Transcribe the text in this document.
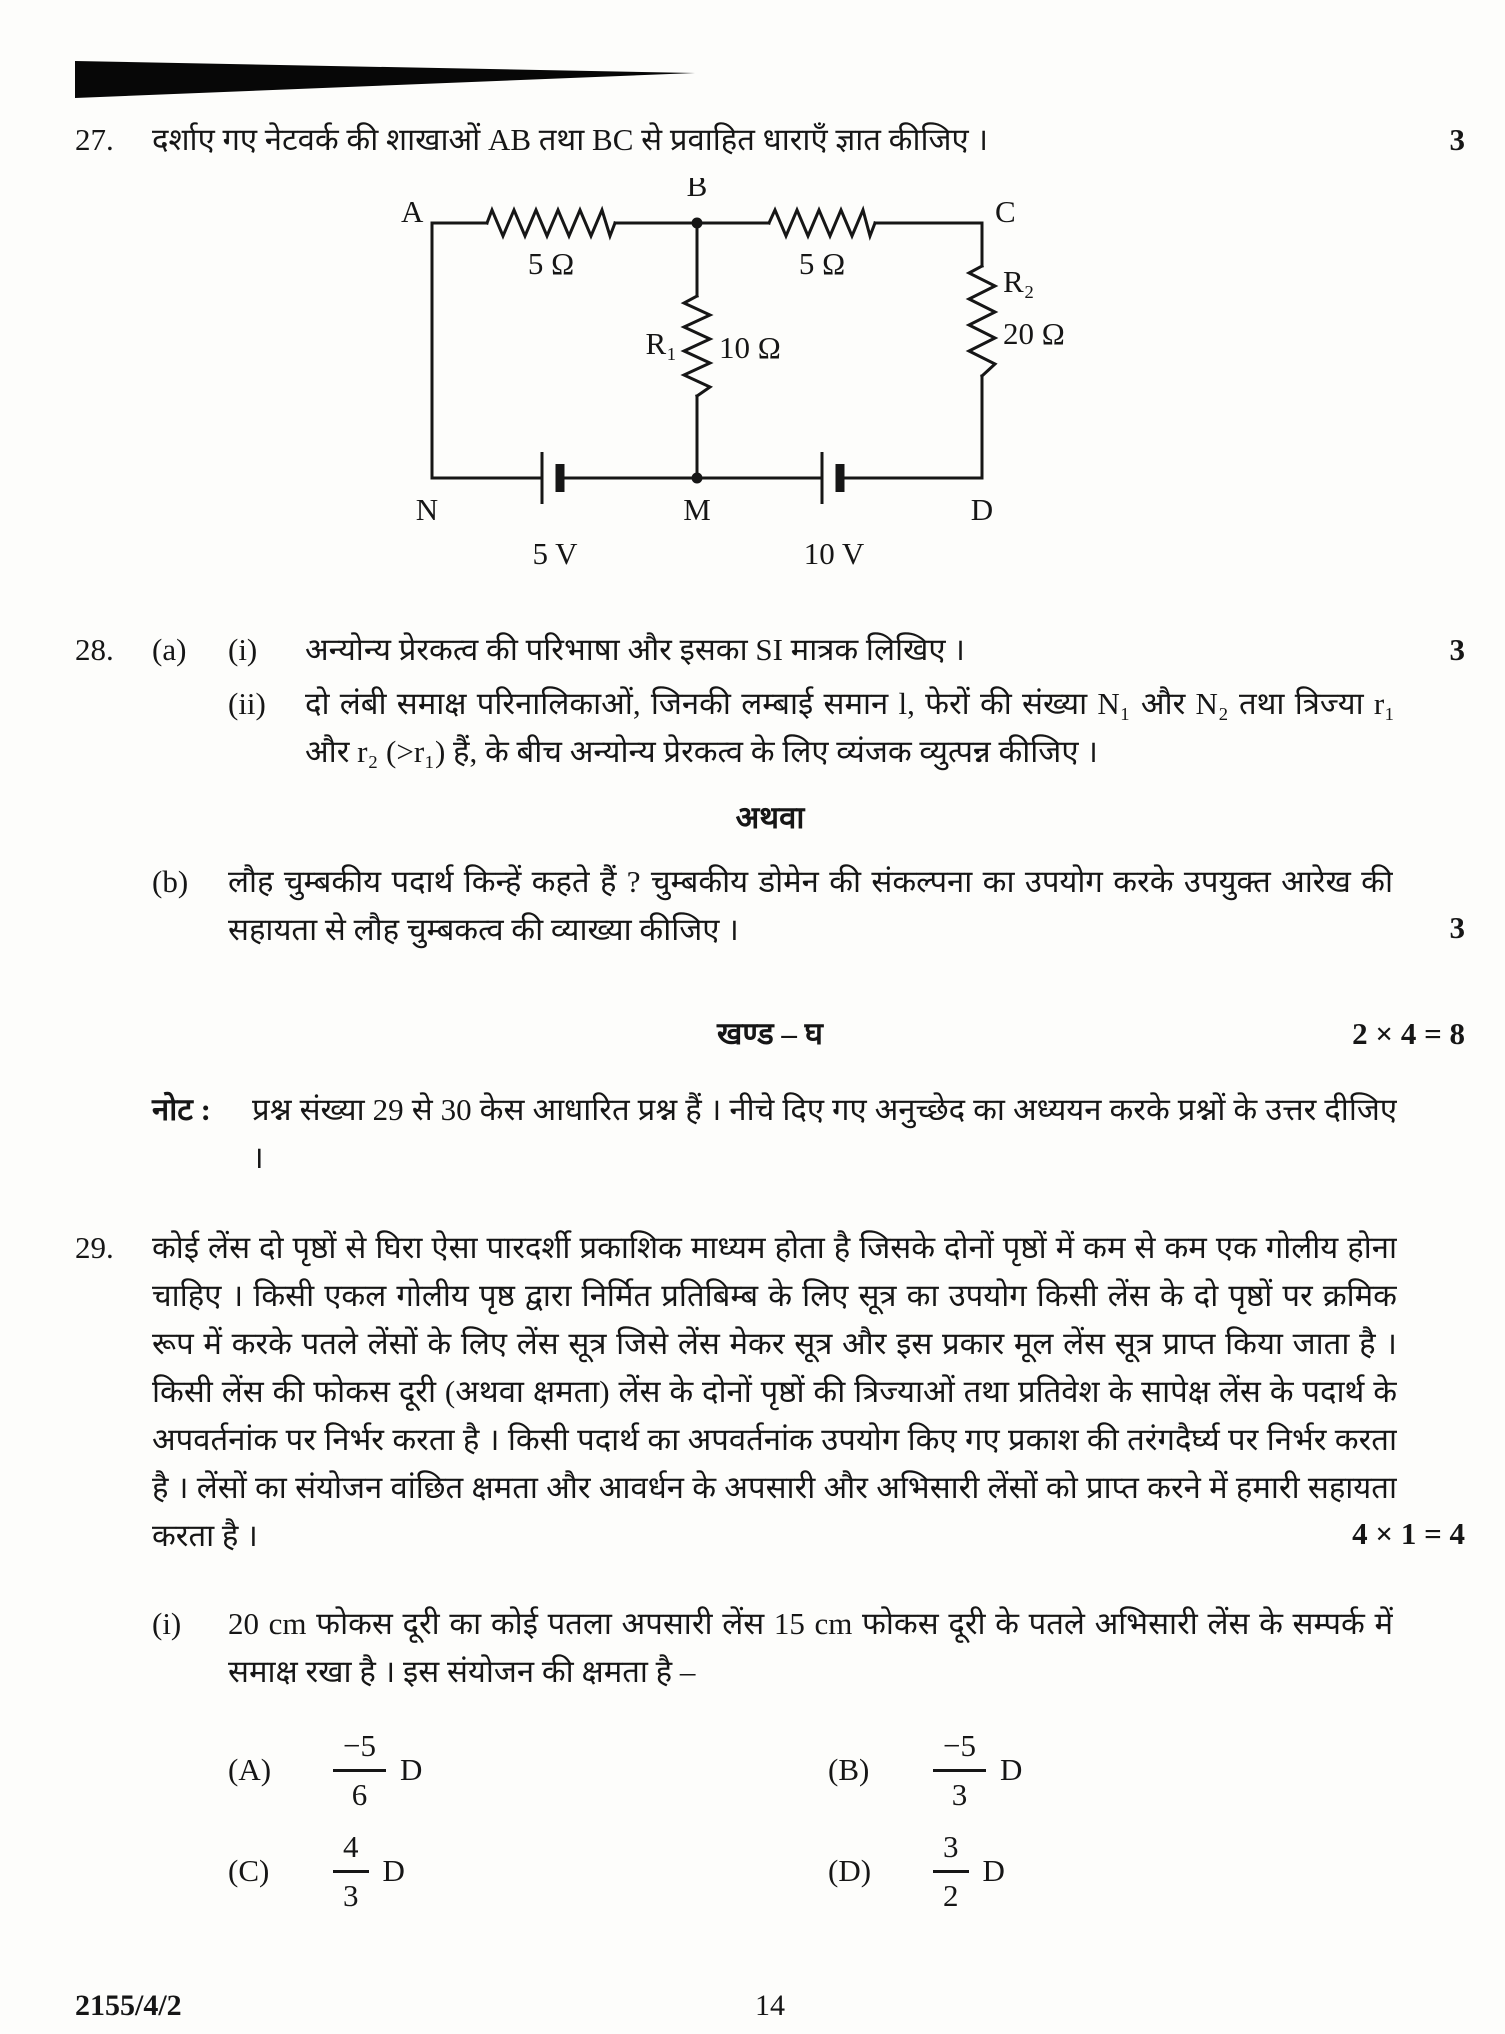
27.	दर्शाए गए नेटवर्क की शाखाओं AB तथा BC से प्रवाहित धाराएँ ज्ञात कीजिए ।	3
A
B
C
5 Ω	5 Ω
R₁ 10 Ω
R₂
20 Ω
N	M	D
5 V	10 V
28.	(a)	(i)	अन्योन्य प्रेरकत्व की परिभाषा और इसका SI मात्रक लिखिए ।	3
(ii)	दो लंबी समाक्ष परिनालिकाओं, जिनकी लम्बाई समान l, फेरों की संख्या N₁ और N₂ तथा त्रिज्या r₁ और r₂ (>r₁) हैं, के बीच अन्योन्य प्रेरकत्व के लिए व्यंजक व्युत्पन्न कीजिए ।
अथवा
(b)	लौह चुम्बकीय पदार्थ किन्हें कहते हैं ? चुम्बकीय डोमेन की संकल्पना का उपयोग करके उपयुक्त आरेख की सहायता से लौह चुम्बकत्व की व्याख्या कीजिए ।	3
खण्ड – घ	2 × 4 = 8
नोट :	प्रश्न संख्या 29 से 30 केस आधारित प्रश्न हैं । नीचे दिए गए अनुच्छेद का अध्ययन करके प्रश्नों के उत्तर दीजिए ।
29.	कोई लेंस दो पृष्ठों से घिरा ऐसा पारदर्शी प्रकाशिक माध्यम होता है जिसके दोनों पृष्ठों में कम से कम एक गोलीय होना चाहिए । किसी एकल गोलीय पृष्ठ द्वारा निर्मित प्रतिबिम्ब के लिए सूत्र का उपयोग किसी लेंस के दो पृष्ठों पर क्रमिक रूप में करके पतले लेंसों के लिए लेंस सूत्र जिसे लेंस मेकर सूत्र और इस प्रकार मूल लेंस सूत्र प्राप्त किया जाता है । किसी लेंस की फोकस दूरी (अथवा क्षमता) लेंस के दोनों पृष्ठों की त्रिज्याओं तथा प्रतिवेश के सापेक्ष लेंस के पदार्थ के अपवर्तनांक पर निर्भर करता है । किसी पदार्थ का अपवर्तनांक उपयोग किए गए प्रकाश की तरंगदैर्घ्य पर निर्भर करता है । लेंसों का संयोजन वांछित क्षमता और आवर्धन के अपसारी और अभिसारी लेंसों को प्राप्त करने में हमारी सहायता करता है ।	4 × 1 = 4
(i)	20 cm फोकस दूरी का कोई पतला अपसारी लेंस 15 cm फोकस दूरी के पतले अभिसारी लेंस के सम्पर्क में समाक्ष रखा है । इस संयोजन की क्षमता है –
(A)	$\frac{-5}{6}$ D	(B)	$\frac{-5}{3}$ D
(C)	$\frac{4}{3}$ D	(D)	$\frac{3}{2}$ D
14
2155/4/2
